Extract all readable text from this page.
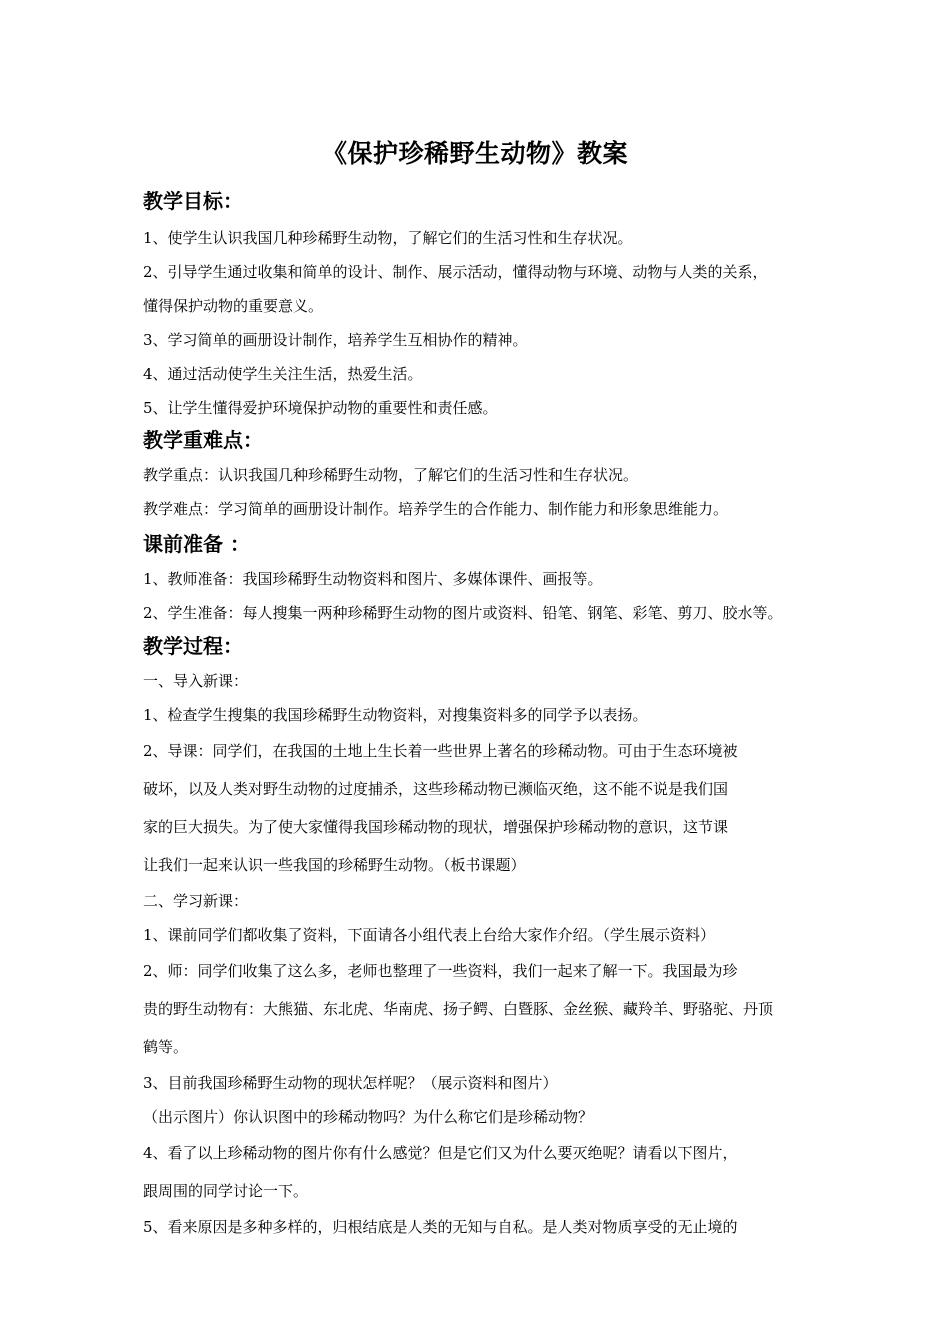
《保护珍稀野生动物》教案
教学目标：
1、使学生认识我国几种珍稀野生动物，了解它们的生活习性和生存状况。
2、引导学生通过收集和简单的设计、制作、展示活动，懂得动物与环境、动物与人类的关系，
懂得保护动物的重要意义。
3、学习简单的画册设计制作，培养学生互相协作的精神。
4、通过活动使学生关注生活，热爱生活。
5、让学生懂得爱护环境保护动物的重要性和责任感。
教学重难点：
教学重点：认识我国几种珍稀野生动物，了解它们的生活习性和生存状况。
教学难点：学习简单的画册设计制作。培养学生的合作能力、制作能力和形象思维能力。
课前准备 ：
1、教师准备：我国珍稀野生动物资料和图片、多媒体课件、画报等。
2、学生准备：每人搜集一两种珍稀野生动物的图片或资料、铅笔、钢笔、彩笔、剪刀、胶水等。
教学过程：
一、导入新课：
1、检查学生搜集的我国珍稀野生动物资料，对搜集资料多的同学予以表扬。
2、导课：同学们，在我国的土地上生长着一些世界上著名的珍稀动物。可由于生态环境被
破坏，以及人类对野生动物的过度捕杀，这些珍稀动物已濒临灭绝，这不能不说是我们国
家的巨大损失。为了使大家懂得我国珍稀动物的现状，增强保护珍稀动物的意识，这节课
让我们一起来认识一些我国的珍稀野生动物。（板书课题）
二、学习新课：
1、课前同学们都收集了资料，下面请各小组代表上台给大家作介绍。（学生展示资料）
2、师：同学们收集了这么多，老师也整理了一些资料，我们一起来了解一下。我国最为珍
贵的野生动物有：大熊猫、东北虎、华南虎、扬子鳄、白暨豚、金丝猴、藏羚羊、野骆驼、丹顶
鹤等。
3、目前我国珍稀野生动物的现状怎样呢？（展示资料和图片）
（出示图片）你认识图中的珍稀动物吗？为什么称它们是珍稀动物？
4、看了以上珍稀动物的图片你有什么感觉？但是它们又为什么要灭绝呢？请看以下图片，
跟周围的同学讨论一下。
5、看来原因是多种多样的，归根结底是人类的无知与自私。是人类对物质享受的无止境的
